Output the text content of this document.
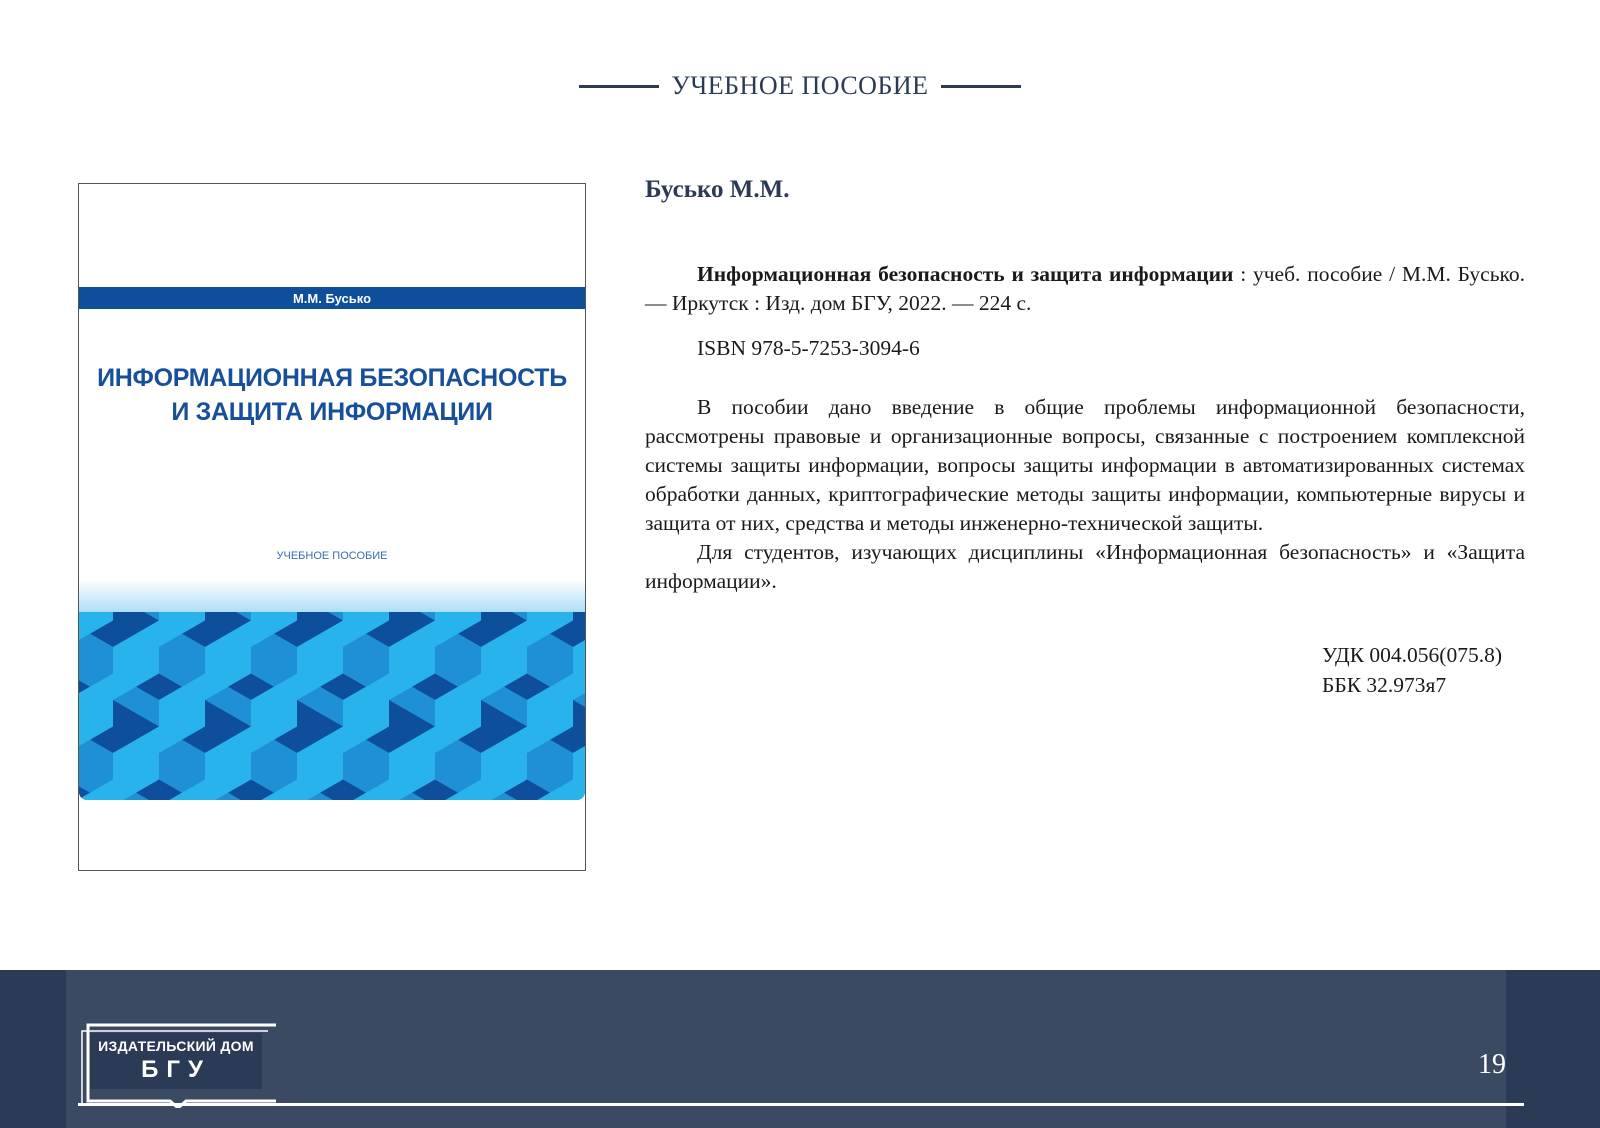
УЧЕБНОЕ ПОСОБИЕ
М.М. Бусько
ИНФОРМАЦИОННАЯ БЕЗОПАСНОСТЬ
И ЗАЩИТА ИНФОРМАЦИИ
УЧЕБНОЕ ПОСОБИЕ
Бусько М.М.
Информационная безопасность и защита информации : учеб. пособие / М.М. Бусько. — Иркутск : Изд. дом БГУ, 2022. — 224 с.
ISBN 978-5-7253-3094-6

В пособии дано введение в общие проблемы информационной безопасности, рассмотрены правовые и организационные вопросы, связанные с построением комплексной системы защиты информации, вопросы защиты информации в автоматизированных системах обработки данных, криптографические методы защиты информации, компьютерные вирусы и защита от них, средства и методы инженерно-технической защиты.

Для студентов, изучающих дисциплины «Информационная безопасность» и «Защита информации».

УДК 004.056(075.8)
ББК 32.973я7
ИЗДАТЕЛЬСКИЙ ДОМ
БГУ	19
